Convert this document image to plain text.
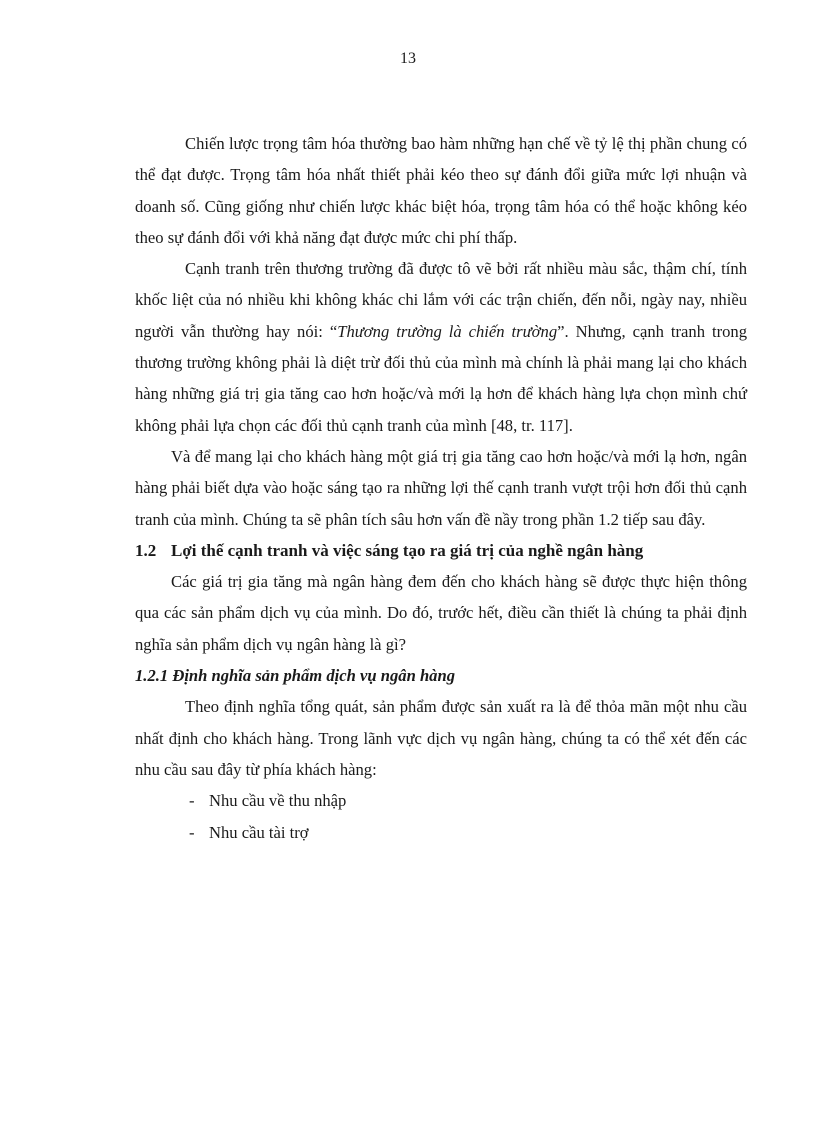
13

Chiến lược trọng tâm hóa thường bao hàm những hạn chế về tỷ lệ thị phần chung có thể đạt được. Trọng tâm hóa nhất thiết phải kéo theo sự đánh đổi giữa mức lợi nhuận và doanh số. Cũng giống như chiến lược khác biệt hóa, trọng tâm hóa có thể hoặc không kéo theo sự đánh đổi với khả năng đạt được mức chi phí thấp.

Cạnh tranh trên thương trường đã được tô vẽ bởi rất nhiều màu sắc, thậm chí, tính khốc liệt của nó nhiều khi không khác chi lắm với các trận chiến, đến nỗi, ngày nay, nhiều người vẫn thường hay nói: “Thương trường là chiến trường”. Nhưng, cạnh tranh trong thương trường không phải là diệt trừ đối thủ của mình mà chính là phải mang lại cho khách hàng những giá trị gia tăng cao hơn hoặc/và mới lạ hơn để khách hàng lựa chọn mình chứ không phải lựa chọn các đối thủ cạnh tranh của mình [48, tr. 117].

Và để mang lại cho khách hàng một giá trị gia tăng cao hơn hoặc/và mới lạ hơn, ngân hàng phải biết dựa vào hoặc sáng tạo ra những lợi thế cạnh tranh vượt trội hơn đối thủ cạnh tranh của mình. Chúng ta sẽ phân tích sâu hơn vấn đề nầy trong phần 1.2 tiếp sau đây.

1.2 Lợi thế cạnh tranh và việc sáng tạo ra giá trị của nghề ngân hàng

Các giá trị gia tăng mà ngân hàng đem đến cho khách hàng sẽ được thực hiện thông qua các sản phẩm dịch vụ của mình. Do đó, trước hết, điều cần thiết là chúng ta phải định nghĩa sản phẩm dịch vụ ngân hàng là gì?

1.2.1 Định nghĩa sản phẩm dịch vụ ngân hàng

Theo định nghĩa tổng quát, sản phẩm được sản xuất ra là để thỏa mãn một nhu cầu nhất định cho khách hàng. Trong lãnh vực dịch vụ ngân hàng, chúng ta có thể xét đến các nhu cầu sau đây từ phía khách hàng:

- Nhu cầu về thu nhập

- Nhu cầu tài trợ
